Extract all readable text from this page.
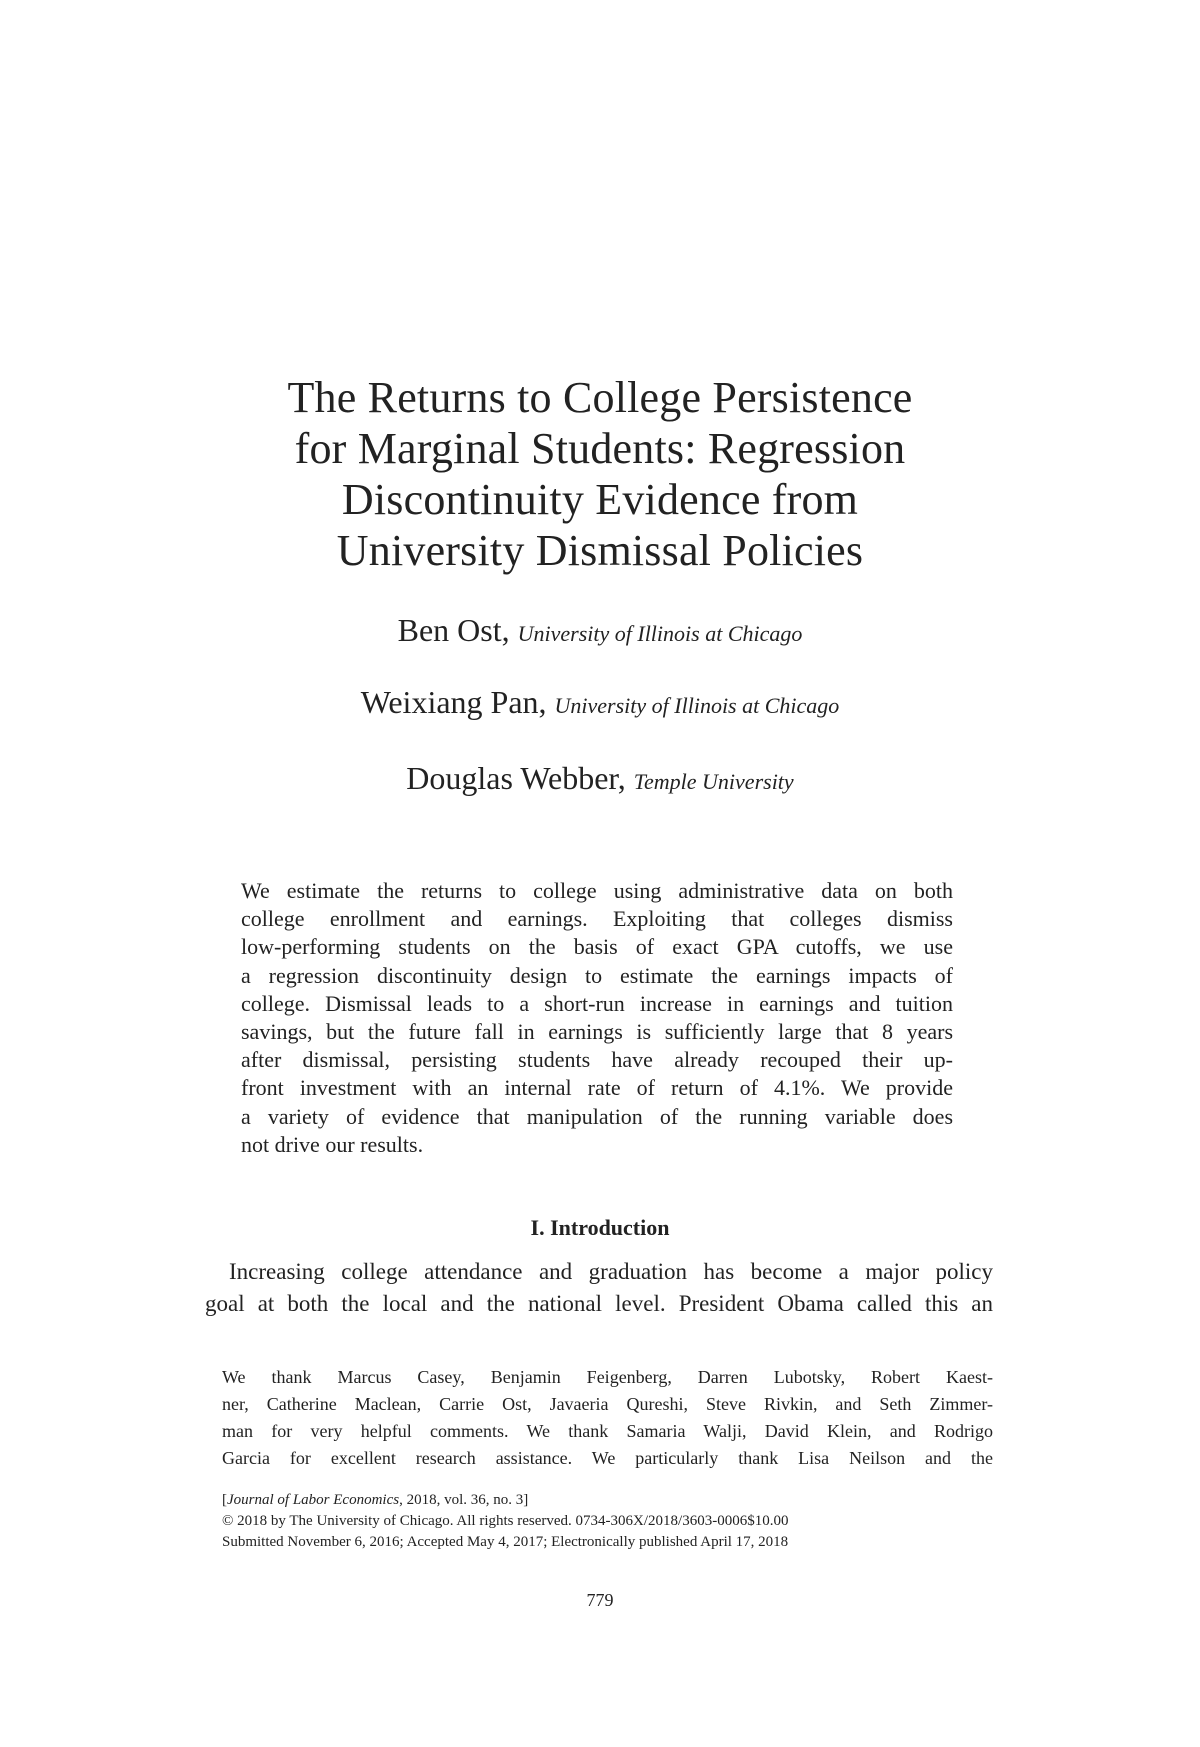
The Returns to College Persistence
for Marginal Students: Regression
Discontinuity Evidence from
University Dismissal Policies
Ben Ost, University of Illinois at Chicago
Weixiang Pan, University of Illinois at Chicago
Douglas Webber, Temple University
We estimate the returns to college using administrative data on both
college enrollment and earnings. Exploiting that colleges dismiss
low-performing students on the basis of exact GPA cutoffs, we use
a regression discontinuity design to estimate the earnings impacts of
college. Dismissal leads to a short-run increase in earnings and tuition
savings, but the future fall in earnings is sufficiently large that 8 years
after dismissal, persisting students have already recouped their up-
front investment with an internal rate of return of 4.1%. We provide
a variety of evidence that manipulation of the running variable does
not drive our results.
I. Introduction
Increasing college attendance and graduation has become a major policy
goal at both the local and the national level. President Obama called this an
We thank Marcus Casey, Benjamin Feigenberg, Darren Lubotsky, Robert Kaest-
ner, Catherine Maclean, Carrie Ost, Javaeria Qureshi, Steve Rivkin, and Seth Zimmer-
man for very helpful comments. We thank Samaria Walji, David Klein, and Rodrigo
Garcia for excellent research assistance. We particularly thank Lisa Neilson and the
[Journal of Labor Economics, 2018, vol. 36, no. 3]
© 2018 by The University of Chicago. All rights reserved. 0734-306X/2018/3603-0006$10.00
Submitted November 6, 2016; Accepted May 4, 2017; Electronically published April 17, 2018
779
